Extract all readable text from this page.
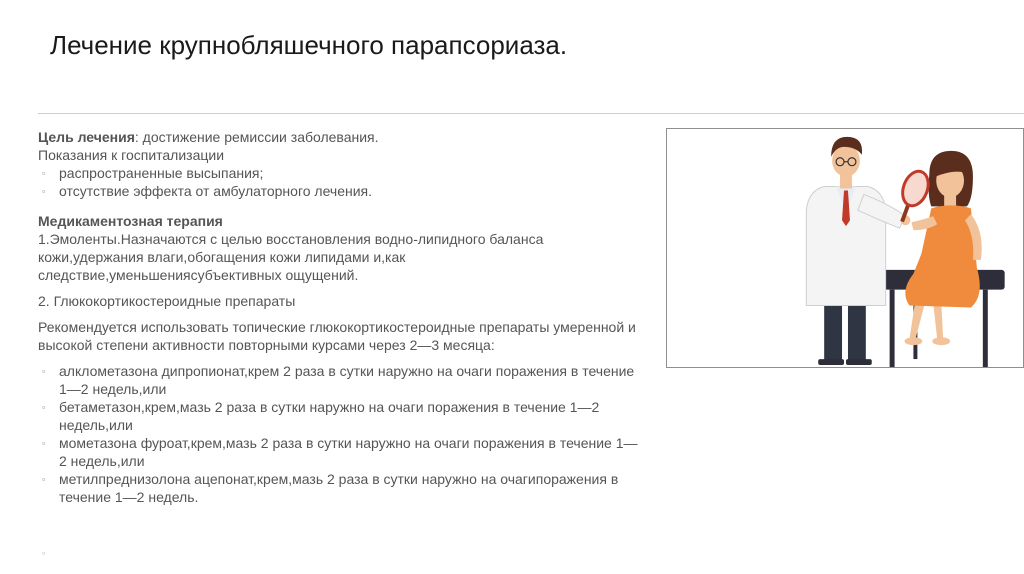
Лечение крупнобляшечного парапсориаза.

Цель лечения: достижение ремиссии заболевания.

Показания к госпитализации

▫ распространенные высыпания;
▫ отсутствие эффекта от амбулаторного лечения.

Медикаментозная терапия

1.Эмоленты.Назначаются с целью восстановления водно-липидного баланса кожи,удержания влаги,обогащения кожи липидами и,как следствие,уменьшениясубъективных ощущений.

2. Глюкокортикостероидные препараты

Рекомендуется использовать топические глюкокортикостероидные препараты умеренной и высокой степени активности повторными курсами через 2—3 месяца:

▫ алклометазона дипропионат,крем 2 раза в сутки наружно на очаги поражения в течение 1—2 недель,или
▫ бетаметазон,крем,мазь 2 раза в сутки наружно на очаги поражения в течение 1—2 недель,или
▫ мометазона фуроат,крем,мазь 2 раза в сутки наружно на очаги поражения в течение 1—2 недель,или
▫ метилпреднизолона ацепонат,крем,мазь 2 раза в сутки наружно на очагипоражения в течение 1—2 недель.
▫
